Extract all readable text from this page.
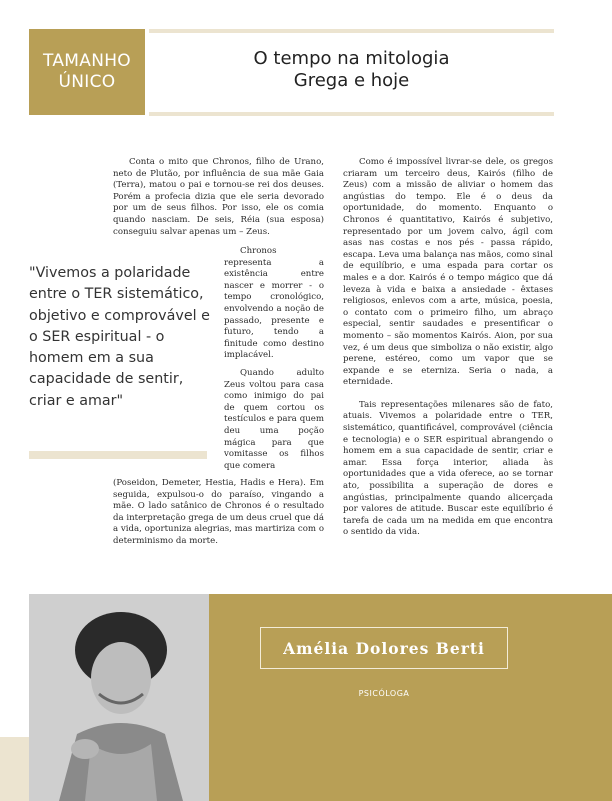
TAMANHO
ÚNICO
O tempo na mitologia
Grega e hoje

Conta o mito que Chronos, filho de Urano, neto de Plutão, por influência de sua mãe Gaia (Terra), matou o pai e tornou-se rei dos deuses. Porém a profecia dizia que ele seria devorado por um de seus filhos. Por isso, ele os comia quando nasciam. De seis, Réia (sua esposa) conseguiu salvar apenas um – Zeus.

Chronos representa a existência entre nascer e morrer - o tempo cronológico, envolvendo a noção de passado, presente e futuro, tendo a finitude como destino implacável.

Quando adulto Zeus voltou para casa como inimigo do pai de quem cortou os testículos e para quem deu uma poção mágica para que vomitasse os filhos que comera

(Poseidon, Demeter, Hestia, Hadis e Hera). Em seguida, expulsou-o do paraíso, vingando a mãe. O lado satânico de Chronos é o resultado da interpretação grega de um deus cruel que dá a vida, oportuniza alegrias, mas martiriza com o determinismo da morte.

Como é impossível livrar-se dele, os gregos criaram um terceiro deus, Kairós (filho de Zeus) com a missão de aliviar o homem das angústias do tempo. Ele é o deus da oportunidade, do momento. Enquanto o Chronos é quantitativo, Kairós é subjetivo, representado por um jovem calvo, ágil com asas nas costas e nos pés - passa rápido, escapa. Leva uma balança nas mãos, como sinal de equilíbrio, e uma espada para cortar os males e a dor. Kairós é o tempo mágico que dá leveza à vida e baixa a ansiedade - êxtases religiosos, enlevos com a arte, música, poesia, o contato com o primeiro filho, um abraço especial, sentir saudades e presentificar o momento – são momentos Kairós. Aion, por sua vez, é um deus que simboliza o não existir, algo perene, estéreo, como um vapor que se expande e se eterniza. Seria o nada, a eternidade.

Tais representações milenares são de fato, atuais. Vivemos a polaridade entre o TER, sistemático, quantificável, comprovável (ciência e tecnologia) e o SER espiritual abrangendo o homem em a sua capacidade de sentir, criar e amar. Essa força interior, aliada às oportunidades que a vida oferece, ao se tornar ato, possibilita a superação de dores e angústias, principalmente quando alicerçada por valores de atitude. Buscar este equilíbrio é tarefa de cada um na medida em que encontra o sentido da vida.

"Vivemos a polaridade entre o TER sistemático, objetivo e comprovável e o SER espiritual - o homem em a sua capacidade de sentir, criar e amar"
Amélia Dolores Berti
PSICÓLOGA
